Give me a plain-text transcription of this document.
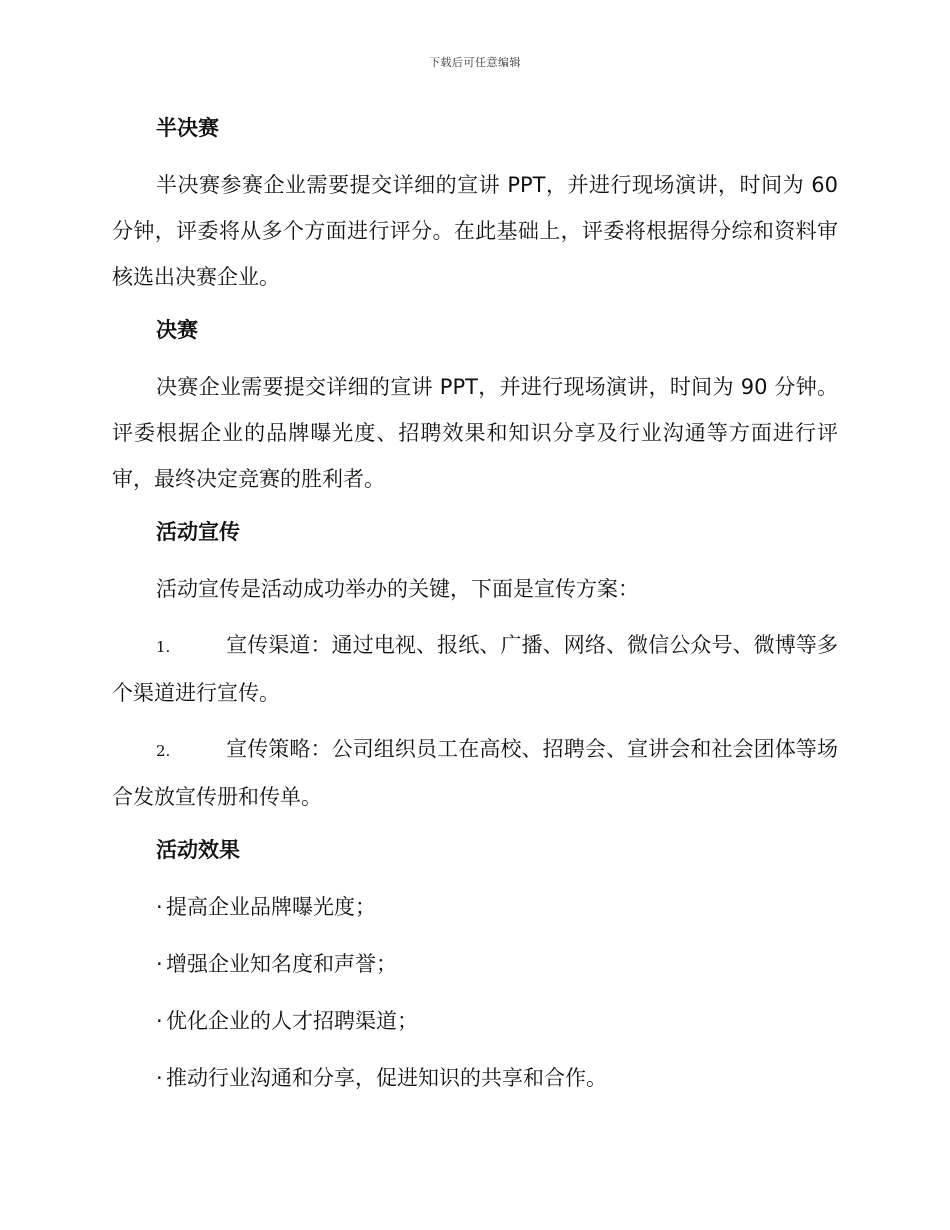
下载后可任意编辑
半决赛

半决赛参赛企业需要提交详细的宣讲 PPT，并进行现场演讲，时间为 60 分钟，评委将从多个方面进行评分。在此基础上，评委将根据得分综和资料审核选出决赛企业。

决赛

决赛企业需要提交详细的宣讲 PPT，并进行现场演讲，时间为 90 分钟。评委根据企业的品牌曝光度、招聘效果和知识分享及行业沟通等方面进行评审，最终决定竞赛的胜利者。

活动宣传

活动宣传是活动成功举办的关键，下面是宣传方案：

1.	宣传渠道：通过电视、报纸、广播、网络、微信公众号、微博等多个渠道进行宣传。

2.	宣传策略：公司组织员工在高校、招聘会、宣讲会和社会团体等场合发放宣传册和传单。

活动效果
· 提高企业品牌曝光度；
· 增强企业知名度和声誉；
· 优化企业的人才招聘渠道；
· 推动行业沟通和分享，促进知识的共享和合作。
